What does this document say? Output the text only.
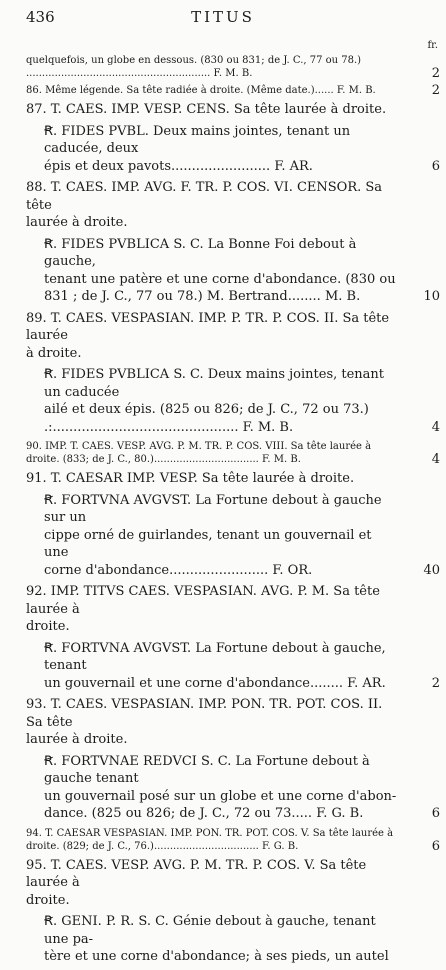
436	TITUS
fr.
quelquefois, un globe en dessous. (830 ou 831; de J. C., 77 ou 78.)
.......................................................... F. M. B.	2
86. Même légende. Sa tête radiée à droite. (Même date.)...... F. M. B.	2
87. T. CAES. IMP. VESP. CENS. Sa tête laurée à droite.
Ꞧ. FIDES PVBL. Deux mains jointes, tenant un caducée, deux
épis et deux pavots........................ F. AR.	6
88. T. CAES. IMP. AVG. F. TR. P. COS. VI. CENSOR. Sa tête
laurée à droite.
Ꞧ. FIDES PVBLICA S. C. La Bonne Foi debout à gauche,
tenant une patère et une corne d'abondance. (830 ou
831 ; de J. C., 77 ou 78.) M. Bertrand........ M. B.	10
89. T. CAES. VESPASIAN. IMP. P. TR. P. COS. II. Sa tête laurée
à droite.
Ꞧ. FIDES PVBLICA S. C. Deux mains jointes, tenant un caducée
ailé et deux épis. (825 ou 826; de J. C., 72 ou 73.)
.:............................................. F. M. B.	4
90. IMP. T. CAES. VESP. AVG. P. M. TR. P. COS. VIII. Sa tête laurée à
droite. (833; de J. C., 80.)................................. F. M. B.	4
91. T. CAESAR IMP. VESP. Sa tête laurée à droite.
Ꞧ. FORTVNA AVGVST. La Fortune debout à gauche sur un
cippe orné de guirlandes, tenant un gouvernail et une
corne d'abondance........................ F. OR.	40
92. IMP. TITVS CAES. VESPASIAN. AVG. P. M. Sa tête laurée à
droite.
Ꞧ. FORTVNA AVGVST. La Fortune debout à gauche, tenant
un gouvernail et une corne d'abondance........ F. AR.	2
93. T. CAES. VESPASIAN. IMP. PON. TR. POT. COS. II. Sa tête
laurée à droite.
Ꞧ. FORTVNAE REDVCI S. C. La Fortune debout à gauche tenant
un gouvernail posé sur un globe et une corne d'abon-
dance. (825 ou 826; de J. C., 72 ou 73..... F. G. B.	6
94. T. CAESAR VESPASIAN. IMP. PON. TR. POT. COS. V. Sa tête laurée à
droite. (829; de J. C., 76.)................................. F. G. B.	6
95. T. CAES. VESP. AVG. P. M. TR. P. COS. V. Sa tête laurée à
droite.
Ꞧ. GENI. P. R. S. C. Génie debout à gauche, tenant une pa-
tère et une corne d'abondance; à ses pieds, un autel
